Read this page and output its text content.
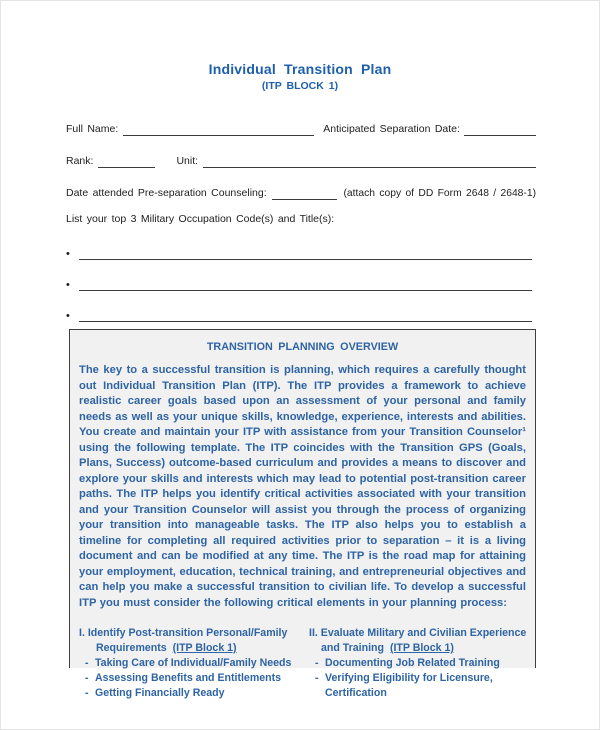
Individual Transition Plan
(ITP BLOCK 1)
Full Name:	Anticipated Separation Date:
Rank:	Unit:
Date attended Pre-separation Counseling:	(attach copy of DD Form 2648 / 2648-1)
List your top 3 Military Occupation Code(s) and Title(s):
•
•
•
TRANSITION PLANNING OVERVIEW

The key to a successful transition is planning, which requires a carefully thought out Individual Transition Plan (ITP). The ITP provides a framework to achieve realistic career goals based upon an assessment of your personal and family needs as well as your unique skills, knowledge, experience, interests and abilities. You create and maintain your ITP with assistance from your Transition Counselor¹ using the following template. The ITP coincides with the Transition GPS (Goals, Plans, Success) outcome-based curriculum and provides a means to discover and explore your skills and interests which may lead to potential post-transition career paths. The ITP helps you identify critical activities associated with your transition and your Transition Counselor will assist you through the process of organizing your transition into manageable tasks. The ITP also helps you to establish a timeline for completing all required activities prior to separation – it is a living document and can be modified at any time. The ITP is the road map for attaining your employment, education, technical training, and entrepreneurial objectives and can help you make a successful transition to civilian life. To develop a successful ITP you must consider the following critical elements in your planning process:

I. Identify Post-transition Personal/Family
Requirements (ITP Block 1)
- Taking Care of Individual/Family Needs
- Assessing Benefits and Entitlements
- Getting Financially Ready
II. Evaluate Military and Civilian Experience
and Training (ITP Block 1)
- Documenting Job Related Training
- Verifying Eligibility for Licensure, Certification
